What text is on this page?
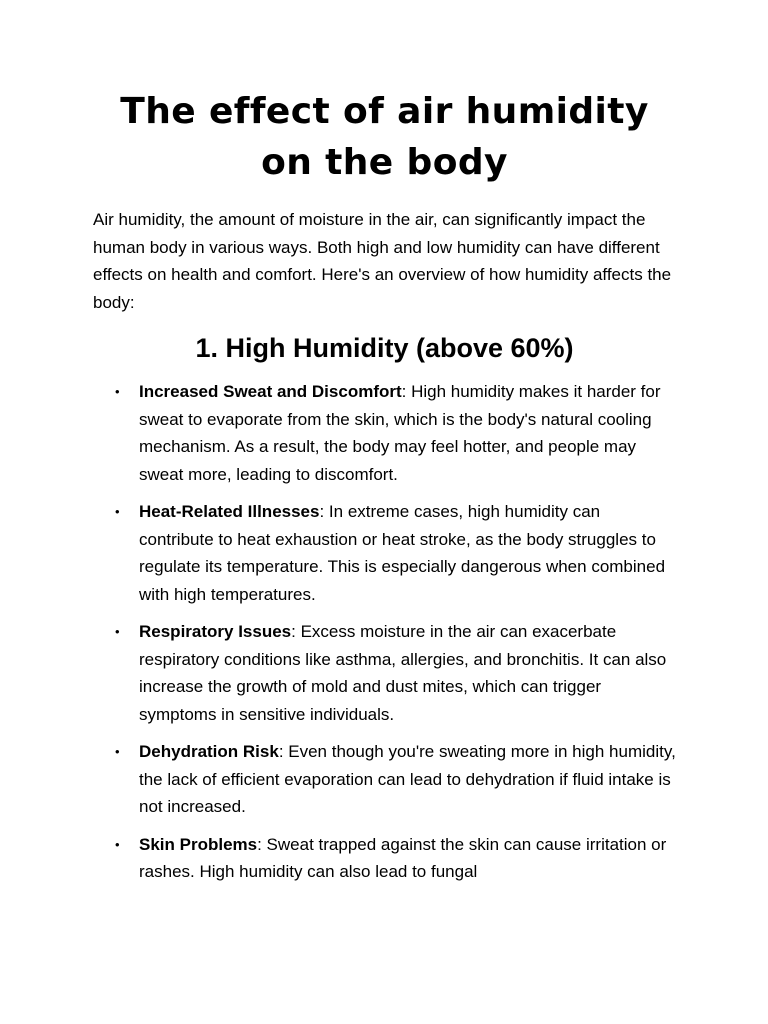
The effect of air humidity
on the body

Air humidity, the amount of moisture in the air, can significantly impact the human body in various ways. Both high and low humidity can have different effects on health and comfort. Here's an overview of how humidity affects the body:

1. High Humidity (above 60%)
• Increased Sweat and Discomfort: High humidity makes it harder for sweat to evaporate from the skin, which is the body's natural cooling mechanism. As a result, the body may feel hotter, and people may sweat more, leading to discomfort.
• Heat-Related Illnesses: In extreme cases, high humidity can contribute to heat exhaustion or heat stroke, as the body struggles to regulate its temperature. This is especially dangerous when combined with high temperatures.
• Respiratory Issues: Excess moisture in the air can exacerbate respiratory conditions like asthma, allergies, and bronchitis. It can also increase the growth of mold and dust mites, which can trigger symptoms in sensitive individuals.
• Dehydration Risk: Even though you're sweating more in high humidity, the lack of efficient evaporation can lead to dehydration if fluid intake is not increased.
• Skin Problems: Sweat trapped against the skin can cause irritation or rashes. High humidity can also lead to fungal
